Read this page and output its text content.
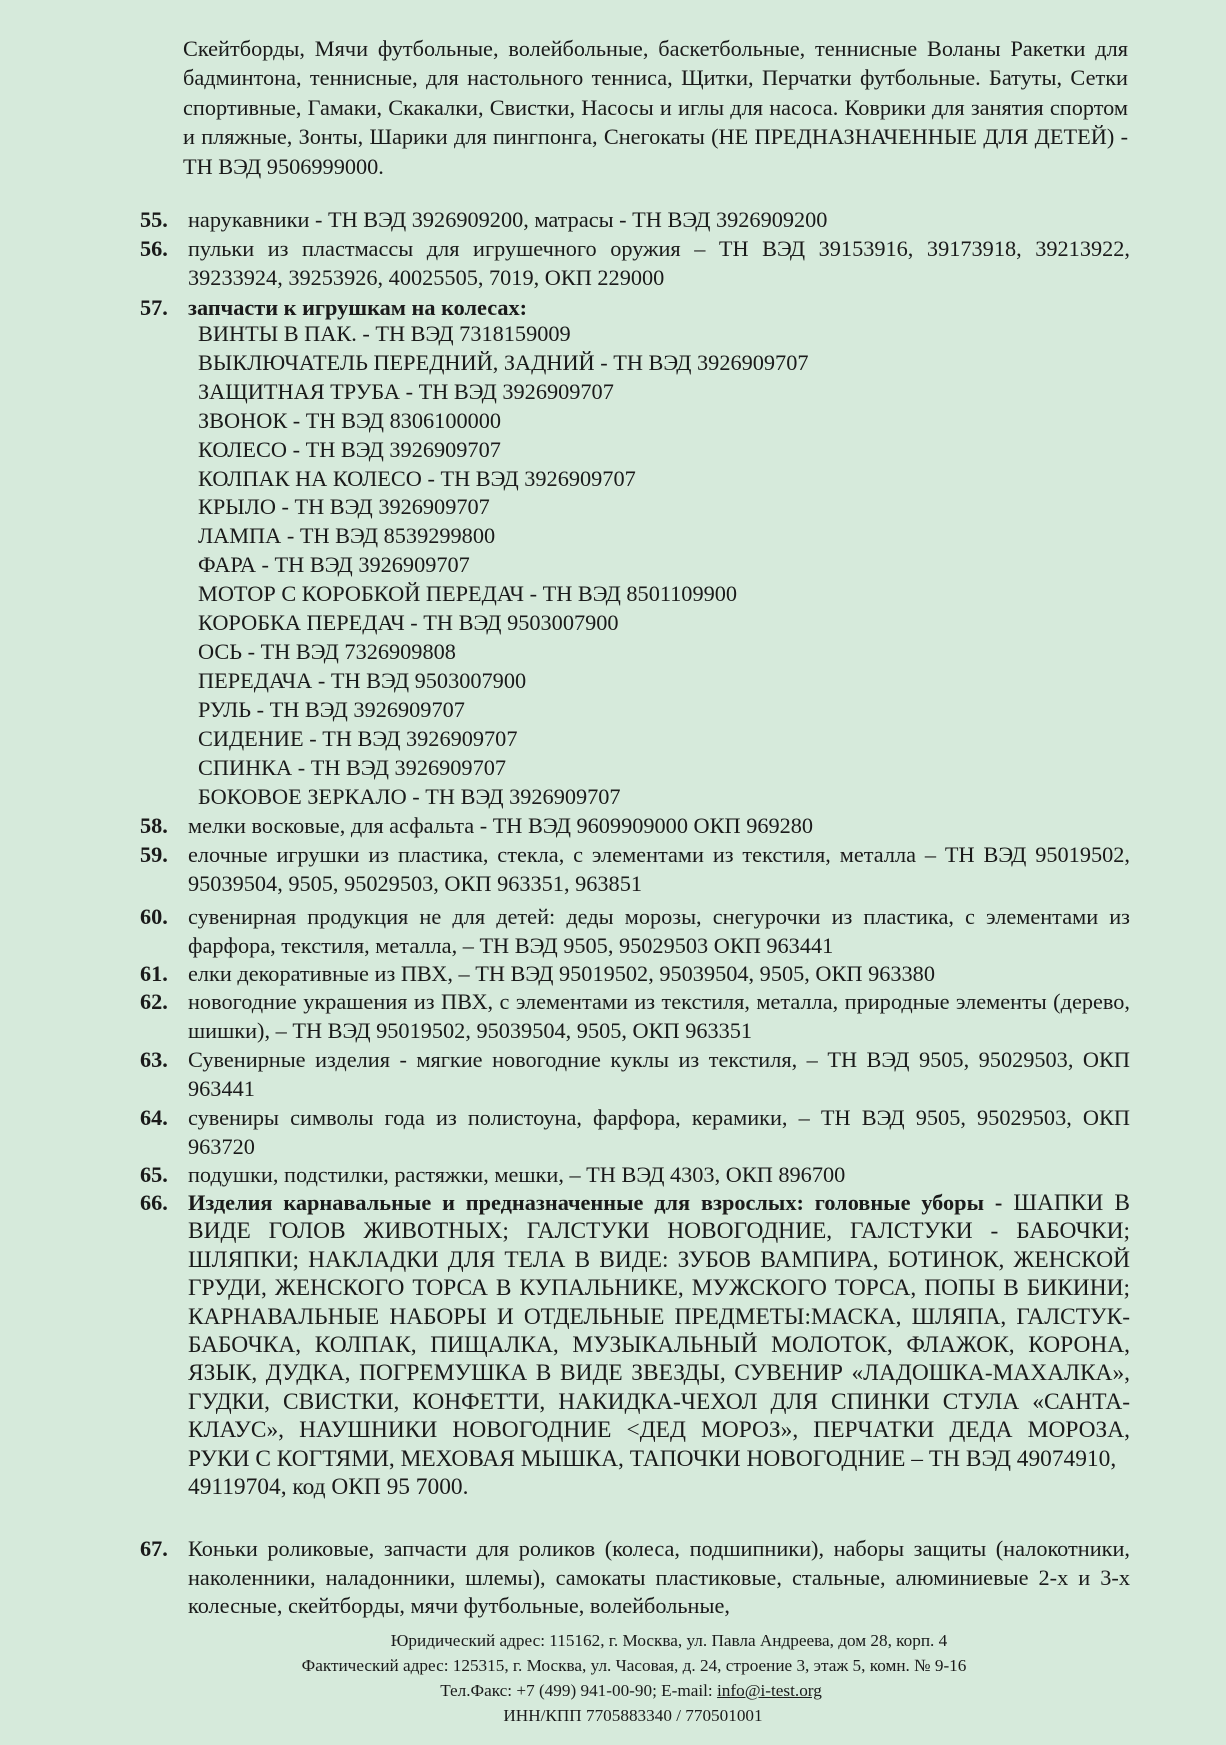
Скейтборды, Мячи футбольные, волейбольные, баскетбольные, теннисные Воланы Ракетки для бадминтона, теннисные, для настольного тенниса, Щитки, Перчатки футбольные. Батуты, Сетки спортивные, Гамаки, Скакалки, Свистки, Насосы и иглы для насоса. Коврики для занятия спортом и пляжные, Зонты, Шарики для пингпонга, Снегокаты (НЕ ПРЕДНАЗНАЧЕННЫЕ ДЛЯ ДЕТЕЙ) - ТН ВЭД 9506999000.
55. нарукавники - ТН ВЭД 3926909200, матрасы - ТН ВЭД 3926909200
56. пульки из пластмассы для игрушечного оружия – ТН ВЭД 39153916, 39173918, 39213922, 39233924, 39253926, 40025505, 7019, ОКП 229000
57. запчасти к игрушкам на колесах:
ВИНТЫ В ПАК. - ТН ВЭД 7318159009
ВЫКЛЮЧАТЕЛЬ ПЕРЕДНИЙ, ЗАДНИЙ - ТН ВЭД 3926909707
ЗАЩИТНАЯ ТРУБА - ТН ВЭД 3926909707
ЗВОНОК - ТН ВЭД 8306100000
КОЛЕСО - ТН ВЭД 3926909707
КОЛПАК НА КОЛЕСО - ТН ВЭД 3926909707
КРЫЛО - ТН ВЭД 3926909707
ЛАМПА - ТН ВЭД 8539299800
ФАРА - ТН ВЭД 3926909707
МОТОР С КОРОБКОЙ ПЕРЕДАЧ - ТН ВЭД 8501109900
КОРОБКА ПЕРЕДАЧ - ТН ВЭД 9503007900
ОСЬ - ТН ВЭД 7326909808
ПЕРЕДАЧА - ТН ВЭД 9503007900
РУЛЬ - ТН ВЭД 3926909707
СИДЕНИЕ - ТН ВЭД 3926909707
СПИНКА - ТН ВЭД 3926909707
БОКОВОЕ ЗЕРКАЛО - ТН ВЭД 3926909707
58. мелки восковые, для асфальта - ТН ВЭД 9609909000 ОКП 969280
59. елочные игрушки из пластика, стекла, с элементами из текстиля, металла – ТН ВЭД 95019502, 95039504, 9505, 95029503, ОКП 963351, 963851
60. сувенирная продукция не для детей: деды морозы, снегурочки из пластика, с элементами из фарфора, текстиля, металла, – ТН ВЭД 9505, 95029503 ОКП 963441
61. елки декоративные из ПВХ, – ТН ВЭД 95019502, 95039504, 9505, ОКП 963380
62. новогодние украшения из ПВХ, с элементами из текстиля, металла, природные элементы (дерево, шишки), – ТН ВЭД 95019502, 95039504, 9505, ОКП 963351
63. Сувенирные изделия - мягкие новогодние куклы из текстиля, – ТН ВЭД 9505, 95029503, ОКП 963441
64. сувениры символы года из полистоуна, фарфора, керамики, – ТН ВЭД 9505, 95029503, ОКП 963720
65. подушки, подстилки, растяжки, мешки, – ТН ВЭД 4303, ОКП 896700
66. Изделия карнавальные и предназначенные для взрослых: головные уборы - ШАПКИ В ВИДЕ ГОЛОВ ЖИВОТНЫХ; ГАЛСТУКИ НОВОГОДНИЕ, ГАЛСТУКИ - БАБОЧКИ; ШЛЯПКИ; НАКЛАДКИ ДЛЯ ТЕЛА В ВИДЕ: ЗУБОВ ВАМПИРА, БОТИНОК, ЖЕНСКОЙ ГРУДИ, ЖЕНСКОГО ТОРСА В КУПАЛЬНИКЕ, МУЖСКОГО ТОРСА, ПОПЫ В БИКИНИ; КАРНАВАЛЬНЫЕ НАБОРЫ И ОТДЕЛЬНЫЕ ПРЕДМЕТЫ:МАСКА, ШЛЯПА, ГАЛСТУК-БАБОЧКА, КОЛПАК, ПИЩАЛКА, МУЗЫКАЛЬНЫЙ МОЛОТОК, ФЛАЖОК, КОРОНА, ЯЗЫК, ДУДКА, ПОГРЕМУШКА В ВИДЕ ЗВЕЗДЫ, СУВЕНИР «ЛАДОШКА-МАХАЛКА», ГУДКИ, СВИСТКИ, КОНФЕТТИ, НАКИДКА-ЧЕХОЛ ДЛЯ СПИНКИ СТУЛА «САНТА-КЛАУС», НАУШНИКИ НОВОГОДНИЕ <ДЕД МОРОЗ», ПЕРЧАТКИ ДЕДА МОРОЗА, РУКИ С КОГТЯМИ, МЕХОВАЯ МЫШКА, ТАПОЧКИ НОВОГОДНИЕ – ТН ВЭД 49074910,
49119704, код ОКП 95 7000.
67. Коньки роликовые, запчасти для роликов (колеса, подшипники), наборы защиты (налокотники, наколенники, наладонники, шлемы), самокаты пластиковые, стальные, алюминиевые 2-х и 3-х колесные, скейтборды, мячи футбольные, волейбольные,
Юридический адрес: 115162, г. Москва, ул. Павла Андреева, дом 28, корп. 4
Фактический адрес: 125315, г. Москва, ул. Часовая, д. 24, строение 3, этаж 5, комн. № 9-16
Тел.Факс: +7 (499) 941-00-90; E-mail: info@i-test.org
ИНН/КПП 7705883340 / 770501001
